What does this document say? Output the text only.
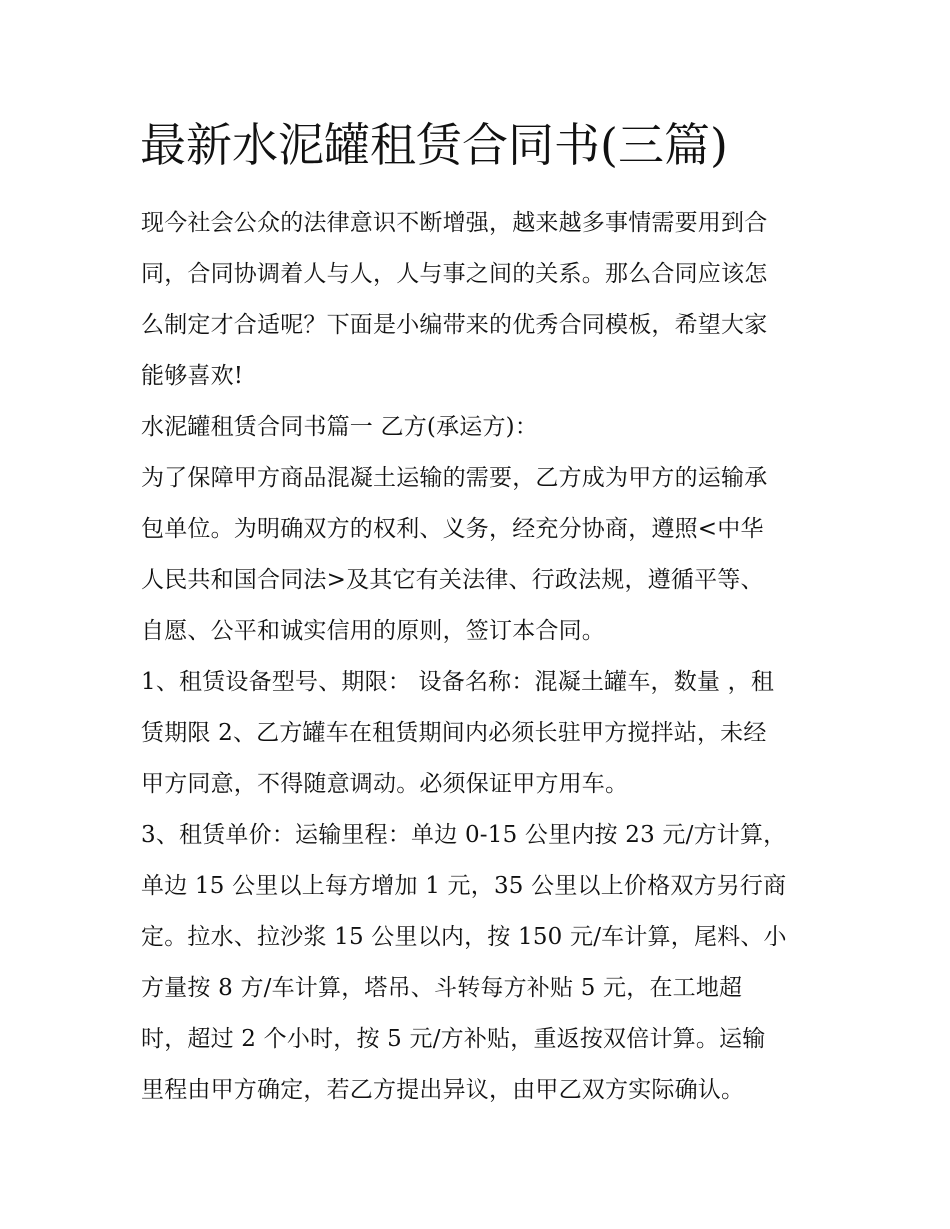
最新水泥罐租赁合同书(三篇)
现今社会公众的法律意识不断增强，越来越多事情需要用到合
同，合同协调着人与人，人与事之间的关系。那么合同应该怎
么制定才合适呢？下面是小编带来的优秀合同模板，希望大家
能够喜欢!
水泥罐租赁合同书篇一 乙方(承运方)：
为了保障甲方商品混凝土运输的需要，乙方成为甲方的运输承
包单位。为明确双方的权利、义务，经充分协商，遵照<中华
人民共和国合同法>及其它有关法律、行政法规，遵循平等、
自愿、公平和诚实信用的原则，签订本合同。
1、租赁设备型号、期限： 设备名称：混凝土罐车，数量 ，租
赁期限 2、乙方罐车在租赁期间内必须长驻甲方搅拌站，未经
甲方同意，不得随意调动。必须保证甲方用车。
3、租赁单价：运输里程：单边 0-15 公里内按 23 元/方计算，
单边 15 公里以上每方增加 1 元，35 公里以上价格双方另行商
定。拉水、拉沙浆 15 公里以内，按 150 元/车计算，尾料、小
方量按 8 方/车计算，塔吊、斗转每方补贴 5 元，在工地超
时，超过 2 个小时，按 5 元/方补贴，重返按双倍计算。运输
里程由甲方确定，若乙方提出异议，由甲乙双方实际确认。
